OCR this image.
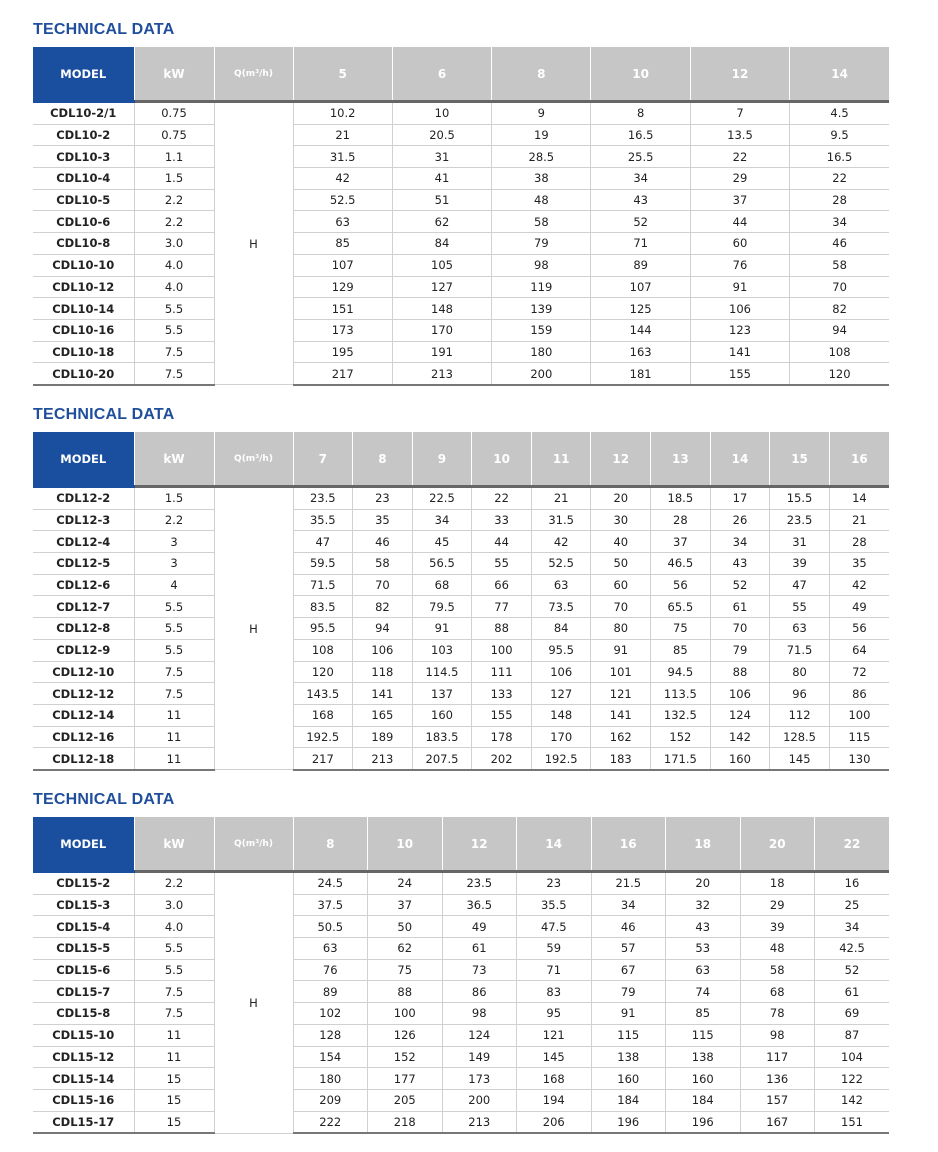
TECHNICAL DATA
MODEL	kW	Q(m³/h)	5	6	8	10	12	14
CDL10-2/1	0.75	H	10.2	10	9	8	7	4.5
CDL10-2	0.75		21	20.5	19	16.5	13.5	9.5
CDL10-3	1.1		31.5	31	28.5	25.5	22	16.5
CDL10-4	1.5		42	41	38	34	29	22
CDL10-5	2.2		52.5	51	48	43	37	28
CDL10-6	2.2		63	62	58	52	44	34
CDL10-8	3.0		85	84	79	71	60	46
CDL10-10	4.0		107	105	98	89	76	58
CDL10-12	4.0		129	127	119	107	91	70
CDL10-14	5.5		151	148	139	125	106	82
CDL10-16	5.5		173	170	159	144	123	94
CDL10-18	7.5		195	191	180	163	141	108
CDL10-20	7.5		217	213	200	181	155	120
TECHNICAL DATA
MODEL	kW	Q(m³/h)	7	8	9	10	11	12	13	14	15	16
CDL12-2	1.5	H	23.5	23	22.5	22	21	20	18.5	17	15.5	14
CDL12-3	2.2		35.5	35	34	33	31.5	30	28	26	23.5	21
CDL12-4	3		47	46	45	44	42	40	37	34	31	28
CDL12-5	3		59.5	58	56.5	55	52.5	50	46.5	43	39	35
CDL12-6	4		71.5	70	68	66	63	60	56	52	47	42
CDL12-7	5.5		83.5	82	79.5	77	73.5	70	65.5	61	55	49
CDL12-8	5.5		95.5	94	91	88	84	80	75	70	63	56
CDL12-9	5.5		108	106	103	100	95.5	91	85	79	71.5	64
CDL12-10	7.5		120	118	114.5	111	106	101	94.5	88	80	72
CDL12-12	7.5		143.5	141	137	133	127	121	113.5	106	96	86
CDL12-14	11		168	165	160	155	148	141	132.5	124	112	100
CDL12-16	11		192.5	189	183.5	178	170	162	152	142	128.5	115
CDL12-18	11		217	213	207.5	202	192.5	183	171.5	160	145	130
TECHNICAL DATA
MODEL	kW	Q(m³/h)	8	10	12	14	16	18	20	22
CDL15-2	2.2	H	24.5	24	23.5	23	21.5	20	18	16
CDL15-3	3.0		37.5	37	36.5	35.5	34	32	29	25
CDL15-4	4.0		50.5	50	49	47.5	46	43	39	34
CDL15-5	5.5		63	62	61	59	57	53	48	42.5
CDL15-6	5.5		76	75	73	71	67	63	58	52
CDL15-7	7.5		89	88	86	83	79	74	68	61
CDL15-8	7.5		102	100	98	95	91	85	78	69
CDL15-10	11		128	126	124	121	115	115	98	87
CDL15-12	11		154	152	149	145	138	138	117	104
CDL15-14	15		180	177	173	168	160	160	136	122
CDL15-16	15		209	205	200	194	184	184	157	142
CDL15-17	15		222	218	213	206	196	196	167	151
